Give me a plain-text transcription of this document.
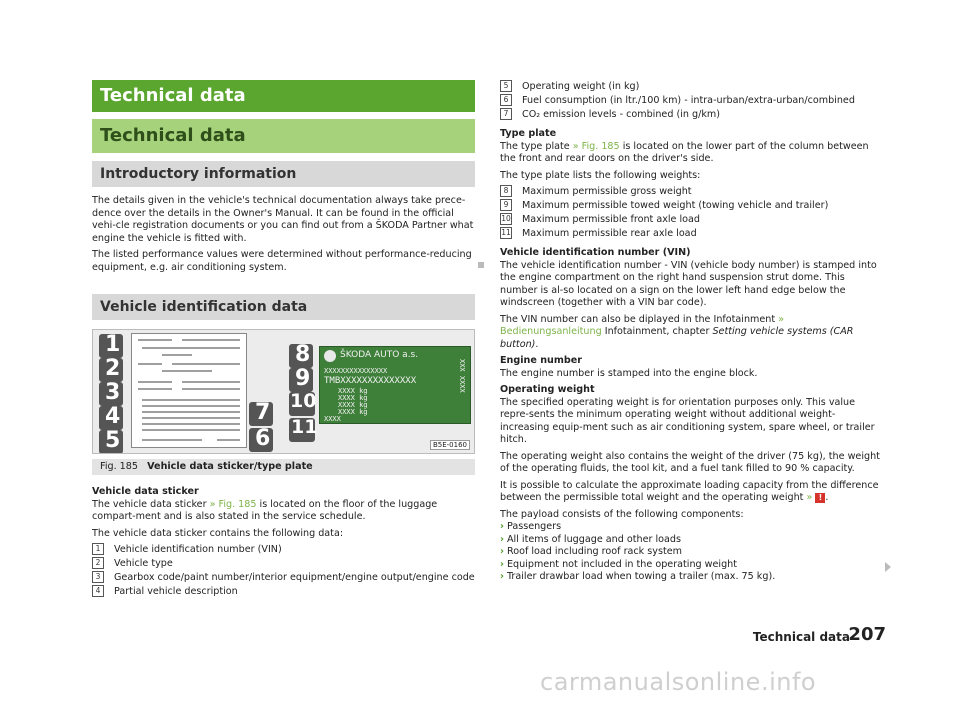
Technical data
Technical data
Introductory information

The details given in the vehicle's technical documentation always take prece-dence over the details in the Owner's Manual. It can be found in the official vehi-cle registration documents or you can find out from a ŠKODA Partner what engine the vehicle is fitted with.

The listed performance values were determined without performance-reducing equipment, e.g. air conditioning system.

Vehicle identification data
1
2
3
4
5
7
6
8
9
10
11
ŠKODA AUTO a.s.
XXXXXXXXXXXXXXX
TMBXXXXXXXXXXXXXX
XXXX kg
XXXX kg
XXXX kg
XXXX kg
XXXX
XXX XXXX
B5E-0160
Fig. 185 Vehicle data sticker/type plate

Vehicle data sticker

The vehicle data sticker » Fig. 185 is located on the floor of the luggage compart-ment and is also stated in the service schedule.

The vehicle data sticker contains the following data:

1 Vehicle identification number (VIN)
2 Vehicle type
3 Gearbox code/paint number/interior equipment/engine output/engine code
4 Partial vehicle description
5 Operating weight (in kg)
6 Fuel consumption (in ltr./100 km) - intra-urban/extra-urban/combined
7 CO₂ emission levels - combined (in g/km)

Type plate

The type plate » Fig. 185 is located on the lower part of the column between the front and rear doors on the driver's side.

The type plate lists the following weights:

8 Maximum permissible gross weight
9 Maximum permissible towed weight (towing vehicle and trailer)
10 Maximum permissible front axle load
11 Maximum permissible rear axle load

Vehicle identification number (VIN)

The vehicle identification number - VIN (vehicle body number) is stamped into the engine compartment on the right hand suspension strut dome. This number is al-so located on a sign on the lower left hand edge below the windscreen (together with a VIN bar code).

The VIN number can also be diplayed in the Infotainment » Bedienungsanleitung Infotainment, chapter Setting vehicle systems (CAR button).

Engine number

The engine number is stamped into the engine block.

Operating weight

The specified operating weight is for orientation purposes only. This value repre-sents the minimum operating weight without additional weight-increasing equip-ment such as air conditioning system, spare wheel, or trailer hitch.

The operating weight also contains the weight of the driver (75 kg), the weight of the operating fluids, the tool kit, and a fuel tank filled to 90 % capacity.

It is possible to calculate the approximate loading capacity from the difference between the permissible total weight and the operating weight » ! .

The payload consists of the following components:

› Passengers
› All items of luggage and other loads
› Roof load including roof rack system
› Equipment not included in the operating weight
› Trailer drawbar load when towing a trailer (max. 75 kg).
Technical data
207
carmanualsonline.info
